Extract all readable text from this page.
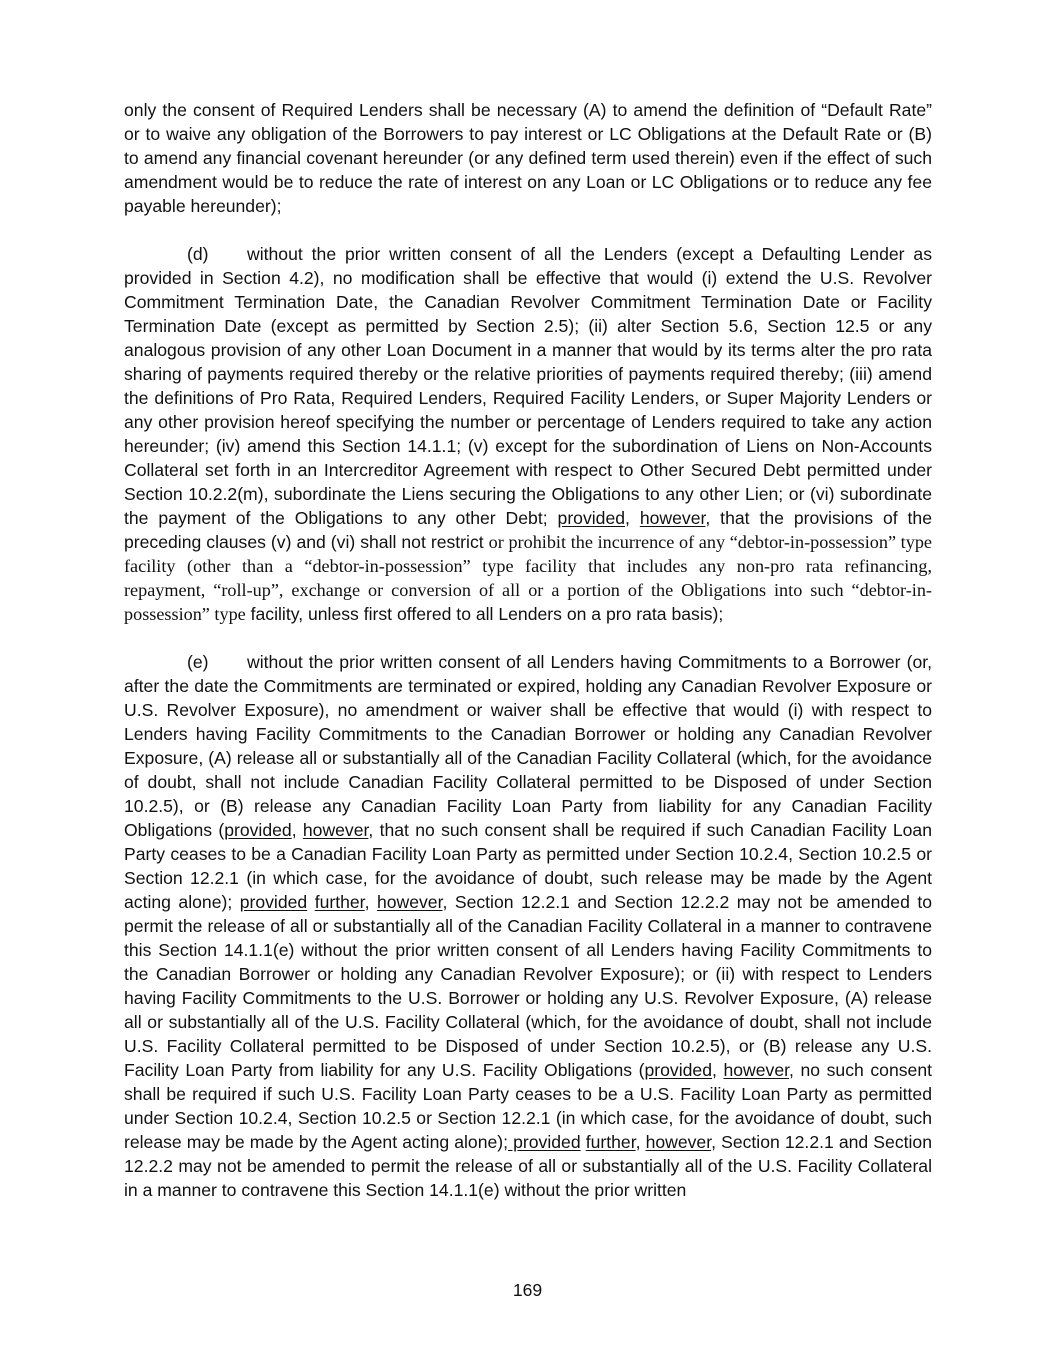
only the consent of Required Lenders shall be necessary (A) to amend the definition of “Default Rate” or to waive any obligation of the Borrowers to pay interest or LC Obligations at the Default Rate or (B) to amend any financial covenant hereunder (or any defined term used therein) even if the effect of such amendment would be to reduce the rate of interest on any Loan or LC Obligations or to reduce any fee payable hereunder);

(d) without the prior written consent of all the Lenders (except a Defaulting Lender as provided in Section 4.2), no modification shall be effective that would (i) extend the U.S. Revolver Commitment Termination Date, the Canadian Revolver Commitment Termination Date or Facility Termination Date (except as permitted by Section 2.5); (ii) alter Section 5.6, Section 12.5 or any analogous provision of any other Loan Document in a manner that would by its terms alter the pro rata sharing of payments required thereby or the relative priorities of payments required thereby; (iii) amend the definitions of Pro Rata, Required Lenders, Required Facility Lenders, or Super Majority Lenders or any other provision hereof specifying the number or percentage of Lenders required to take any action hereunder; (iv) amend this Section 14.1.1; (v) except for the subordination of Liens on Non-Accounts Collateral set forth in an Intercreditor Agreement with respect to Other Secured Debt permitted under Section 10.2.2(m), subordinate the Liens securing the Obligations to any other Lien; or (vi) subordinate the payment of the Obligations to any other Debt; provided, however, that the provisions of the preceding clauses (v) and (vi) shall not restrict or prohibit the incurrence of any “debtor-in-possession” type facility (other than a “debtor-in-possession” type facility that includes any non-pro rata refinancing, repayment, “roll-up”, exchange or conversion of all or a portion of the Obligations into such “debtor-in-possession” type facility, unless first offered to all Lenders on a pro rata basis);

(e) without the prior written consent of all Lenders having Commitments to a Borrower (or, after the date the Commitments are terminated or expired, holding any Canadian Revolver Exposure or U.S. Revolver Exposure), no amendment or waiver shall be effective that would (i) with respect to Lenders having Facility Commitments to the Canadian Borrower or holding any Canadian Revolver Exposure, (A) release all or substantially all of the Canadian Facility Collateral (which, for the avoidance of doubt, shall not include Canadian Facility Collateral permitted to be Disposed of under Section 10.2.5), or (B) release any Canadian Facility Loan Party from liability for any Canadian Facility Obligations (provided, however, that no such consent shall be required if such Canadian Facility Loan Party ceases to be a Canadian Facility Loan Party as permitted under Section 10.2.4, Section 10.2.5 or Section 12.2.1 (in which case, for the avoidance of doubt, such release may be made by the Agent acting alone); provided further, however, Section 12.2.1 and Section 12.2.2 may not be amended to permit the release of all or substantially all of the Canadian Facility Collateral in a manner to contravene this Section 14.1.1(e) without the prior written consent of all Lenders having Facility Commitments to the Canadian Borrower or holding any Canadian Revolver Exposure); or (ii) with respect to Lenders having Facility Commitments to the U.S. Borrower or holding any U.S. Revolver Exposure, (A) release all or substantially all of the U.S. Facility Collateral (which, for the avoidance of doubt, shall not include U.S. Facility Collateral permitted to be Disposed of under Section 10.2.5), or (B) release any U.S. Facility Loan Party from liability for any U.S. Facility Obligations (provided, however, no such consent shall be required if such U.S. Facility Loan Party ceases to be a U.S. Facility Loan Party as permitted under Section 10.2.4, Section 10.2.5 or Section 12.2.1 (in which case, for the avoidance of doubt, such release may be made by the Agent acting alone); provided further, however, Section 12.2.1 and Section 12.2.2 may not be amended to permit the release of all or substantially all of the U.S. Facility Collateral in a manner to contravene this Section 14.1.1(e) without the prior written

169
